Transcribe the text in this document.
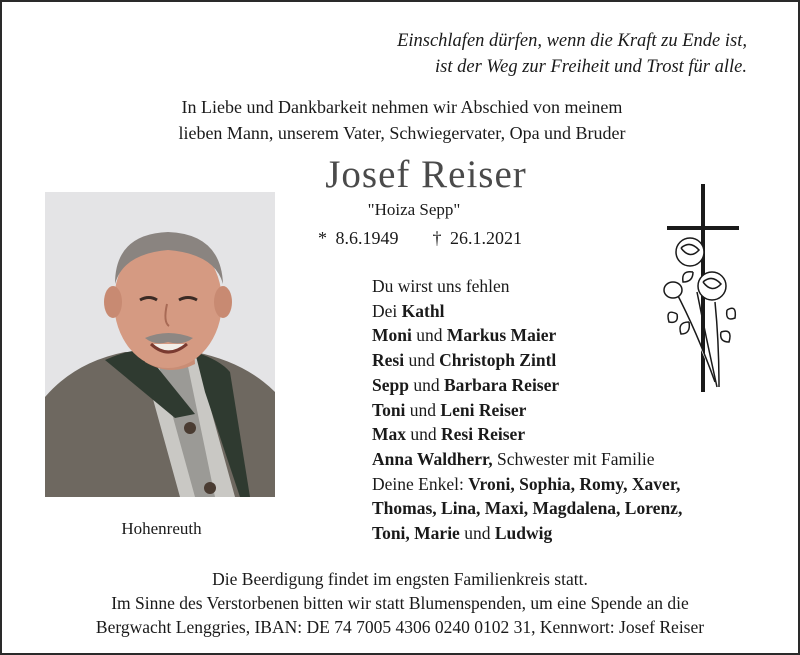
Einschlafen dürfen, wenn die Kraft zu Ende ist,
ist der Weg zur Freiheit und Trost für alle.
In Liebe und Dankbarkeit nehmen wir Abschied von meinem
lieben Mann, unserem Vater, Schwiegervater, Opa und Bruder
Josef Reiser
"Hoiza Sepp"
* 8.6.1949 † 26.1.2021
Hohenreuth
Du wirst uns fehlen
Dei Kathl
Moni und Markus Maier
Resi und Christoph Zintl
Sepp und Barbara Reiser
Toni und Leni Reiser
Max und Resi Reiser
Anna Waldherr, Schwester mit Familie
Deine Enkel: Vroni, Sophia, Romy, Xaver,
Thomas, Lina, Maxi, Magdalena, Lorenz,
Toni, Marie und Ludwig
Die Beerdigung findet im engsten Familienkreis statt.
Im Sinne des Verstorbenen bitten wir statt Blumenspenden, um eine Spende an die
Bergwacht Lenggries, IBAN: DE 74 7005 4306 0240 0102 31, Kennwort: Josef Reiser
